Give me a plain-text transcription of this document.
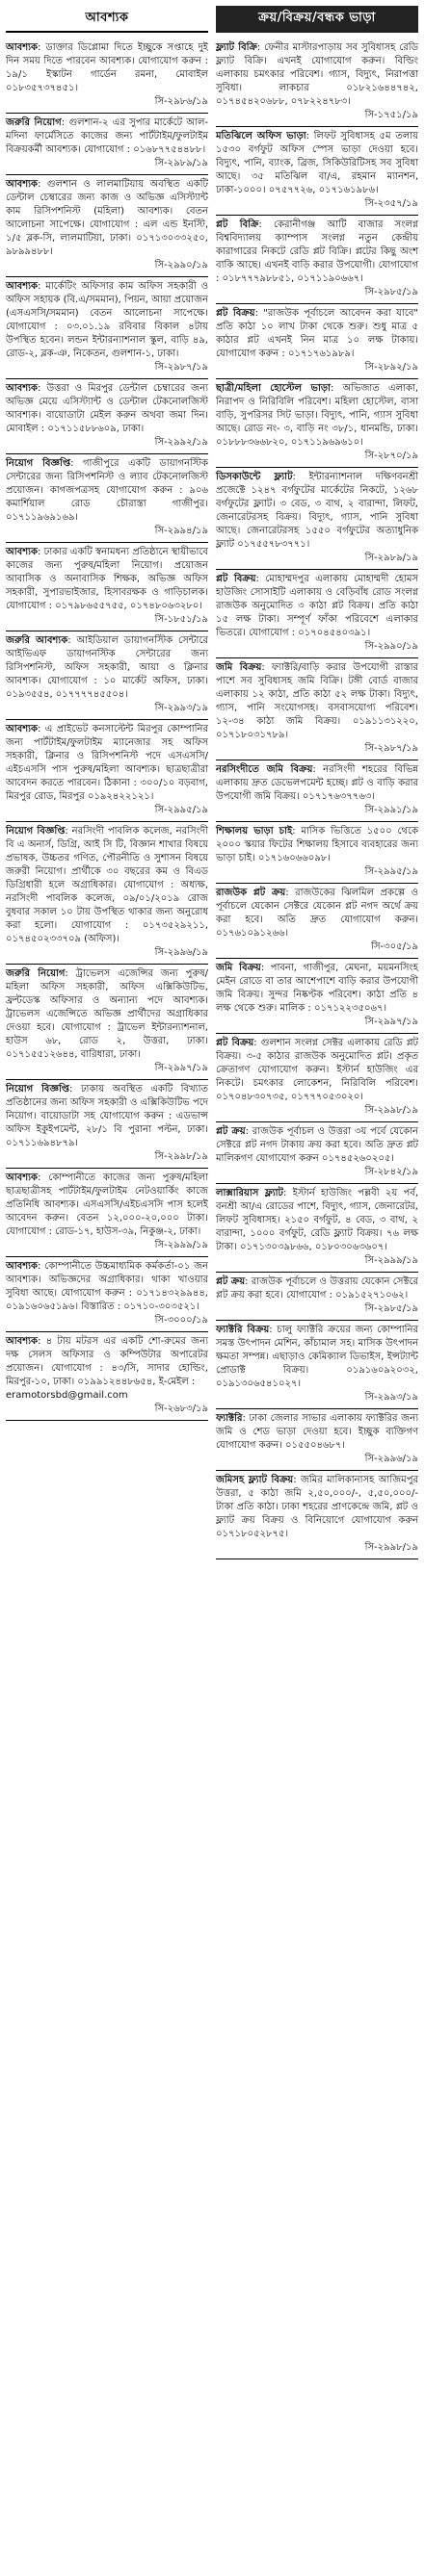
আবশ্যক
আবশ্যক: ডাক্তার ডিপ্লোমা দিতে ইচ্ছুকে সপ্তাহে দুই দিন সময় দিতে পারবেন আবশ্যক। যোগাযোগ করুন : ১৯/১ ইস্কাটন গার্ডেন রমনা, মোবাইল ০১৮৩৫৭৩৭৪৫১।
সি-২৯৮৬/১৯
জরুরি নিয়োগ: গুলশান-২ এর সুপার মার্কেটে আল-মদিনা ফার্মেসিতে কাজের জন্য পার্টটাইম/ফুলটাইম বিক্রয়কর্মী আবশ্যক। যোগাযোগ : ০১৬৮৭৭৫৪৪৮৮।
সি-২৯৮৯/১৯
আবশ্যক: গুলশান ও লালমাটিয়ায় অবস্থিত একটি ডেন্টাল চেম্বারের জন্য কাজ ও অভিজ্ঞ এসিস্ট্যান্ট কাম রিসিপশনিস্ট (মহিলা) আবশ্যক। বেতন আলোচনা সাপেক্ষে। যোগাযোগ : এল এন্ড ইনস্টি, ১/৫ ব্লক-সি, লালমাটিয়া, ঢাকা। ০১৭১৩০৩৩২৫০, ৯৮৯৯৪৮৮।
সি-২৯৯০/১৯
আবশ্যক: মার্কেটিং অফিসার কাম অফিস সহকারী ও অফিস সহায়ক (বি.এ/সমমান), পিয়ন, আয়া প্রয়োজন (এসএসসি/সমমান) বেতন আলোচনা সাপেক্ষে। যোগাযোগ : ০৩.০১.১৯ রবিবার বিকাল ৪টায় উপস্থিত হবেন। লন্ডন ইন্টারন্যাশনাল স্কুল, বাড়ি ৪৯, রোড-২, ব্লক-ঞ, নিকেতন, গুলশান-১, ঢাকা।
সি-২৯৮৭/১৯
আবশ্যক: উত্তরা ও মিরপুর ডেন্টাল চেম্বারের জন্য অভিজ্ঞ মেয়ে এসিস্ট্যান্ট ও ডেন্টাল টেকনোলজিস্ট আবশ্যক। বায়োডাটা মেইল করুন অথবা জমা দিন। মোবাইল : ০১৭১১৫৮৮৬০৯, ঢাকা।
সি-২৯৯২/১৯
নিয়োগ বিজ্ঞপ্তি: গাজীপুরে একটি ডায়াগনস্টিক সেন্টারের জন্য রিসিপশনিস্ট ও ল্যাব টেকনোলজিস্ট প্রয়োজন। কাগজপত্রসহ যোগাযোগ করুন : ৯০৬ কমার্শিয়াল রোড চৌরাস্তা গাজীপুর। ০১৭১১৯৬৯১৬৯।
সি-২৯৯৪/১৯
আবশ্যক: ঢাকার একটি স্বনামধন্য প্রতিষ্ঠানে স্থায়ীভাবে কাজের জন্য পুরুষ/মহিলা নিয়োগ। প্রয়োজন আবাসিক ও অনাবাসিক শিক্ষক, অভিজ্ঞ অফিস সহকারী, সুপারভাইজার, হিসাবরক্ষক ও গাড়িচালক। যোগাযোগ : ০১৭৯৮৬৫৫৭৫৫, ০১৭৪৮০৬৩২৮০।
সি-১৮৫১/১৯
জরুরি আবশ্যক: আইডিয়াল ডায়াগনস্টিক সেন্টারে আইভিএফ ডায়াগনস্টিক সেন্টারের জন্য রিসিপশনিস্ট, অফিস সহকারী, আয়া ও ক্লিনার আবশ্যক। যোগাযোগ : ১০ মার্কেট অফিস, ঢাকা। ০১৯৩৫৫৪, ০১৭৭৭৭৪৫৫০৪।
সি-২৯৯৩/১৯
আবশ্যক: এ প্রাইভেট কনসাল্টেন্ট মিরপুর কোম্পানির জন্য পার্টটাইম/ফুলটাইম ম্যানেজার সহ অফিস সহকারী, ক্লিনার ও রিসিপশনিস্ট পদে এসএসসি/এইচএসসি পাস পুরুষ/মহিলা আবশ্যক। ছাত্রছাত্রীরা আবেদন করতে পারবেন। ঠিকানা : ৩০০/১০ বড়বাগ, মিরপুর রোড, মিরপুর ০১৯২৪২২১২১।
সি-২৯৯৫/১৯
নিয়োগ বিজ্ঞপ্তি: নরসিংদী পাবলিক কলেজ, নরসিংদী বি এ অনার্স, ডিগ্রি, আই সি টি, বিজ্ঞান শাখার বিষয়ে প্রভাষক, উচ্চতর গণিত, পৌরনীতি ও সুশাসন বিষয়ে জরুরী নিয়োগ। প্রার্থীকে ৩০ বছরের কম ও বিএড ডিগ্রিধারী হলে অগ্রাধিকার। যোগাযোগ : অধ্যক্ষ, নরসিংদী পাবলিক কলেজ, ০৯/০১/২০১৯ রোজ বুধবার সকাল ১০ টায় উপস্থিত থাকার জন্য অনুরোধ করা হলো। যোগাযোগ : ০১৭৩৫২৯২১১, ০১৭৪৫০২৩৩৭০৯ (অফিস)।
সি-২৯৯৬/১৯
জরুরি নিয়োগ: ট্রাভেলস এজেন্সির জন্য পুরুষ/মহিলা অফিস সহকারী, অফিস এক্সিকিউটিভ, ফ্রন্টডেস্ক অফিসার ও অন্যান্য পদে আবশ্যক। ট্রাভেলস এজেন্সিতে অভিজ্ঞ প্রার্থীদের অগ্রাধিকার দেওয়া হবে। যোগাযোগ : ট্রাভেল ইন্টারন্যাশনাল, হাউস ৬৮, রোড ২, উত্তরা, ঢাকা। ০১৭১৫৫১২৬৪৪, বারিধারা, ঢাকা।
সি-২৯৯৭/১৯
নিয়োগ বিজ্ঞপ্তি: ঢাকায় অবস্থিত একটি বিখ্যাত প্রতিষ্ঠানের জন্য অফিস সহকারী ও এক্সিকিউটিভ পদে নিয়োগ। বায়োডাটা সহ যোগাযোগ করুন : এডভান্স অফিস ইকুইপমেন্ট, ২৮/১ বি পুরানা পল্টন, ঢাকা। ০১৭১১৬৯৪৮৭৯।
সি-২৯৯৮/১৯
আবশ্যক: কোম্পানীতে কাজের জন্য পুরুষ/মহিলা ছাত্রছাত্রীসহ পার্টটাইম/ফুলটাইম নেটওয়ার্কিং কাজে প্রতিনিধি আবশ্যক। এসএসসি/এইচএসসি পাস হলেই আবেদন করুন। বেতন ১২,০০০-২০,০০০ টাকা। যোগাযোগ : রোড-১৭, হাউস-৩৯, নিকুঞ্জ-২, ঢাকা।
সি-২৯৯৯/১৯
আবশ্যক: কোম্পানীতে উচ্চমাধ্যমিক কর্মকর্তা-০১ জন আবশ্যক। অভিজ্ঞদের অগ্রাধিকার। থাকা খাওয়ার সুবিধা আছে। যোগাযোগ করুন : ০১৭১৪৩২৯৯৪৪, ০১৯১৬০৬৫১৯৬। বিস্তারিত : ০১৭১০-৩০৩৫২১।
সি-৩০০০/১৯
আবশ্যক: ৪ টায় মটরস এর একটি শো-রুমের জন্য দক্ষ সেলস অফিসার ও কম্পিউটার অপারেটর প্রয়োজন। যোগাযোগ : ৪৩/সি, সাদার হোল্ডিং, মিরপুর-১০, ঢাকা। ০১৯৯১২৪৪৮৬৫৪, ই-মেইল :
eramotorsbd@gmail.com
সি-২৬৮৩/১৯
ক্রয়/বিক্রয়/বন্ধক ভাড়া
ফ্ল্যাট বিক্রি: ফেনীর মাস্টারপাড়ায় সব সুবিধাসহ রেডি ফ্ল্যাট বিক্রি। এখনই যোগাযোগ করুন। বিল্ডিং এলাকায় চমৎকার পরিবেশ। গ্যাস, বিদ্যুৎ, নিরাপত্তা সুবিধা। লাকচার ০১৮২১৬৪৪৭৪২, ০১৭৪৫৪২০৬৮৮, ০৭৮২২৪৭৮৩।
সি-১৭৫১/১৯
মতিঝিলে অফিস ভাড়া: লিফট সুবিধাসহ ৫ম তলায় ১৫৩০ বর্গফুট অফিস স্পেস ভাড়া দেওয়া হবে। বিদ্যুৎ, পানি, ব্যাংক, ব্রিজ, সিকিউরিটিসহ সব সুবিধা আছে। ৩৫ মতিঝিল বা/এ, রহমান ম্যানশন, ঢাকা-১০০০। ০৭৫৭৭২৬, ০১৭১৬১৯৮৬।
সি-২৩৫৭/১৯
প্লট বিক্রি: কেরানীগঞ্জ আটি বাজার সংলগ্ন বিশ্ববিদ্যালয় ক্যাম্পাস সংলগ্ন নতুন কেন্দ্রীয় কারাগারের নিকটে রেডি প্লট বিক্রি। প্লটের কিছু অংশ বাকি আছে। এখনই বাড়ি করার উপযোগী। যোগাযোগ : ০১৮৭৭৭৯৮৮৫১, ০১৭১১৯০৬৬৭।
সি-২৯৮৫/১৯
প্লট বিক্রয়: "রাজউক পূর্বাচলে আবেদন করা যাবে" প্রতি কাঠা ১০ লাখ টাকা থেকে শুরু। শুধু মাত্র ৫ কাঠার প্লট এখনই নিন মাত্র ১০ লক্ষ টাকায়। যোগাযোগ করুন : ০১৭১৭৬১৯৮৯।
সি-২৮৯২/১৯
ছাত্রী/মহিলা হোস্টেল ভাড়া: অভিজাত এলাকা, নিরাপদ ও নিরিবিলি পরিবেশ। মহিলা হোস্টেল, বাসা বাড়ি, সুপরিসর সিট ভাড়া। বিদ্যুৎ, পানি, গ্যাস সুবিধা আছে। রোড নং- ৩, বাড়ি নং ৩৮/১, ধানমন্ডি, ঢাকা। ০১৮৮৮৩৬৬৮২০, ০১৭১১৯৬৯৬১০।
সি-২৮৭০/১৯
ডিসকাউন্টে ফ্ল্যাট: ইন্টারন্যাশনাল দক্ষিণবনশ্রী প্রজেক্টে ১২৪৭ বর্গফুটের মার্কেটের নিকটে, ১২৬৮ বর্গফুটের ফ্ল্যাট। ৩ বেড, ৩ বাথ, ২ বারান্দা, লিফট, জেনারেটরসহ বিক্রয়। বিদ্যুৎ, গ্যাস, পানি সুবিধা আছে। জেনারেটরসহ ১৫৫০ বর্গফুটের অত্যাধুনিক ফ্ল্যাট ০১৭৫৫৭৮৩৭৭১।
সি-২৯৮৯/১৯
প্লট বিক্রয়: মোহাম্মদপুর এলাকায় মোহাম্মদী হোমস হাউজিং সোসাইটি এলাকায় ও বেড়িবাঁধ রোড সংলগ্ন রাজউক অনুমোদিত ৩ কাঠা প্লট বিক্রয়। প্রতি কাঠা ১৫ লক্ষ টাকা। সম্পূর্ণ ফাঁকা পরিবেশে এলাকার ভিতরে। যোগাযোগ : ০১৭০৪৫৪০৩৯১।
সি-২৯৯০/১৯
জমি বিক্রয়: ফ্যাক্টরি/বাড়ি করার উপযোগী রাস্তার পাশে সব সুবিধাসহ জমি বিক্রি। টঙ্গী বোর্ড বাজার এলাকায় ১২ কাঠা, প্রতি কাঠা ৫২ লক্ষ টাকা। বিদ্যুৎ, গ্যাস, পানি সংযোগসহ। বসবাসযোগ্য পরিবেশ। ১২-৩৪ কাঠা জমি বিক্রয়। ০১৯১১৩১২২০, ০১৭১৮০৩১৭৮৯।
সি-২৯৮৭/১৯
নরসিংদীতে জমি বিক্রয়: নরসিংদী শহরের বিভিন্ন এলাকায় দ্রুত ডেভেলপমেন্ট হচ্ছে। প্লট ও বাড়ি করার উপযোগী জমি বিক্রয়। ০১৭১৭৬৩৭৭৬৩।
সি-২৯৯১/১৯
শিক্ষালয় ভাড়া চাই: মাসিক ভিত্তিতে ১৫০০ থেকে ২০০০ স্কয়ার ফিটের শিক্ষালয় হিসাবে ব্যবহারের জন্য ভাড়া চাই। ০১৭১৬০৬৬০৯৮।
সি-২৯৯৫/১৯
রাজউক প্লট ক্রয়: রাজউকের ঝিলমিল প্রকল্পে ও পূর্বাচলে যেকোন সেক্টরে যেকোন প্লট নগদ অর্থে ক্রয় করা হবে। অতি দ্রুত যোগাযোগ করুন। ০১৭৬১০৯১২৬৬।
সি-৩০৫/১৯
জমি বিক্রয়: পাবনা, গাজীপুর, মেঘনা, ময়মনসিংহ মেইন রোডে বা তার আশেপাশে বাড়ি করার উপযোগী জমি বিক্রয়। সুন্দর নিষ্কণ্টক পরিবেশ। কাঠা প্রতি ৪ লক্ষ থেকে শুরু। মালিক : ০১৭১২২৩৫০৬৭।
সি-২৯৯৭/১৯
প্লট বিক্রয়: গুলশান সংলগ্ন সেক্টর এলাকায় রেডি প্লট বিক্রয়। ৩-৫ কাঠার রাজউক অনুমোদিত প্লট। প্রকৃত ক্রেতাগণ যোগাযোগ করুন। ইস্টার্ন হাউজিং এর নিকটে। চমৎকার লোকেশন, নিরিবিলি পরিবেশ। ০১৭০৪৮৩০৭৩৫, ০১৭৭৭০৫৩০২০।
সি-২৯৯৮/১৯
প্লট ক্রয়: রাজউক পূর্বাচল ও উত্তরা ৩য় পর্বে যেকোন সেক্টরে প্লট নগদ টাকায় ক্রয় করা হবে। অতি দ্রুত প্লট মালিকগণ যোগাযোগ করুন ০১৭৪৫২৬০২০৫।
সি-২৮৪২/১৯
লাক্সারিয়াস ফ্ল্যাট: ইস্টার্ন হাউজিং পল্লবী ২য় পর্ব, বনশ্রী আ/এ রোডের পাশে, বিদ্যুৎ, গ্যাস, জেনারেটর, লিফট সুবিধাসহ। ২১৫০ বর্গফুট, ৪ বেড, ৩ বাথ, ২ বারান্দা, ১০০০ বর্গফুট, রেডি ফ্ল্যাট বিক্রয়। ৭৬ লক্ষ টাকা। ০১৭১৩০৩৯৮৬৬, ০১৮০৩০৬৩৬০৭।
সি-২৯৯৯/১৯
প্লট ক্রয়: রাজউক পূর্বাচলে ও উত্তরায় যেকোন সেক্টরে প্লট ক্রয় করা হবে। যোগাযোগ : ০১৯১৫২৭১০৬২।
সি-২৯৮৫/১৯
ফ্যাক্টরি বিক্রয়: চালু ফ্যাক্টরি ক্রয়ের জন্য কোম্পানির সমস্ত উৎপাদন মেশিন, কাঁচামাল সহ। মাসিক উৎপাদন ক্ষমতা সম্পন্ন। এছাড়াও কেমিক্যাল ডিভাইস, ইন্সট্যান্ট প্রোডাক্ট বিক্রয়। ০১৯১৬০৯২০৩২, ০১৯১৩০৬৫৪১০২৭।
সি-২৯৯৩/১৯
ফ্যাক্টরি: ঢাকা জেলার সাভার এলাকায় ফ্যাক্টরির জন্য জমি ও শেড ভাড়া দেওয়া হবে। ইচ্ছুক ব্যক্তিগণ যোগাযোগ করুন। ০১৫৫০৪৬৮৭।
সি-২৯৯৬/১৯
জমিসহ ফ্ল্যাট বিক্রয়: জমির মালিকানাসহ আজিমপুর উত্তরা, ৫ কাঠা জমি ২,৫০,০০০/-, ৫,৫০,০০০/- টাকা প্রতি কাঠা। ঢাকা শহরের প্রাণকেন্দ্রে জমি, প্লট ও ফ্ল্যাট ক্রয় বিক্রয় ও বিনিয়োগে যোগাযোগ করুন ০১৭১৮০৫২৮৭৫।
সি-২৯৯৮/১৯
